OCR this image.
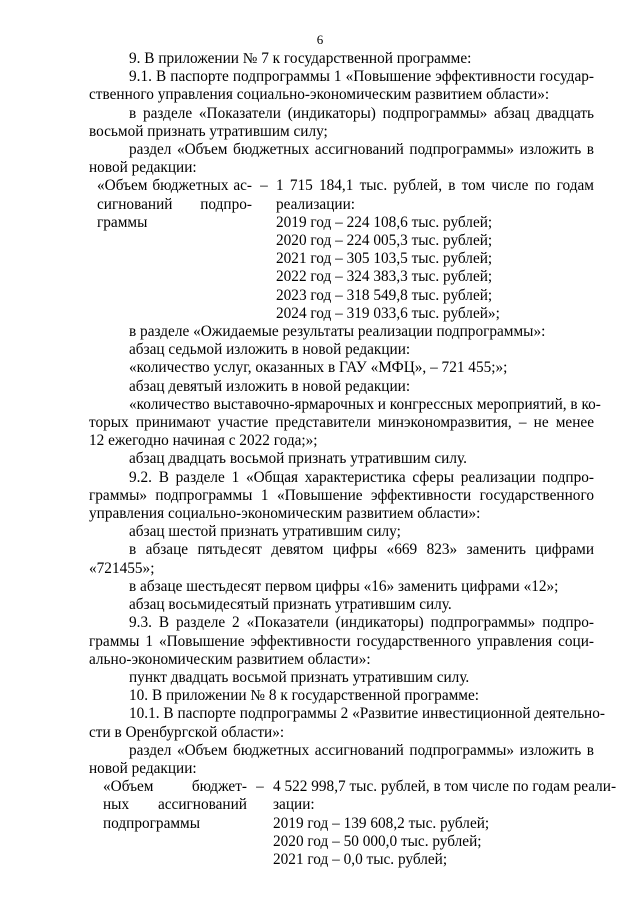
6
9. В приложении № 7 к государственной программе:
9.1. В паспорте подпрограммы 1 «Повышение эффективности государ-
ственного управления социально-экономическим развитием области»:
в разделе «Показатели (индикаторы) подпрограммы» абзац двадцать
восьмой признать утратившим силу;
раздел «Объем бюджетных ассигнований подпрограммы» изложить в
новой редакции:
«Объем бюджетных ас-
сигнований подпро-
граммы
– 1 715 184,1 тыс. рублей, в том числе по годам
реализации:
2019 год – 224 108,6 тыс. рублей;
2020 год – 224 005,3 тыс. рублей;
2021 год – 305 103,5 тыс. рублей;
2022 год – 324 383,3 тыс. рублей;
2023 год – 318 549,8 тыс. рублей;
2024 год – 319 033,6 тыс. рублей»;
в разделе «Ожидаемые результаты реализации подпрограммы»:
абзац седьмой изложить в новой редакции:
«количество услуг, оказанных в ГАУ «МФЦ», – 721 455;»;
абзац девятый изложить в новой редакции:
«количество выставочно-ярмарочных и конгрессных мероприятий, в ко-
торых принимают участие представители минэкономразвития, – не менее
12 ежегодно начиная с 2022 года;»;
абзац двадцать восьмой признать утратившим силу.
9.2. В разделе 1 «Общая характеристика сферы реализации подпро-
граммы» подпрограммы 1 «Повышение эффективности государственного
управления социально-экономическим развитием области»:
абзац шестой признать утратившим силу;
в абзаце пятьдесят девятом цифры «669 823» заменить цифрами
«721455»;
в абзаце шестьдесят первом цифры «16» заменить цифрами «12»;
абзац восьмидесятый признать утратившим силу.
9.3. В разделе 2 «Показатели (индикаторы) подпрограммы» подпро-
граммы 1 «Повышение эффективности государственного управления соци-
ально-экономическим развитием области»:
пункт двадцать восьмой признать утратившим силу.
10. В приложении № 8 к государственной программе:
10.1. В паспорте подпрограммы 2 «Развитие инвестиционной деятельно-
сти в Оренбургской области»:
раздел «Объем бюджетных ассигнований подпрограммы» изложить в
новой редакции:
«Объем бюджет-
ных ассигнований
подпрограммы
– 4 522 998,7 тыс. рублей, в том числе по годам реали-
зации:
2019 год – 139 608,2 тыс. рублей;
2020 год – 50 000,0 тыс. рублей;
2021 год – 0,0 тыс. рублей;
